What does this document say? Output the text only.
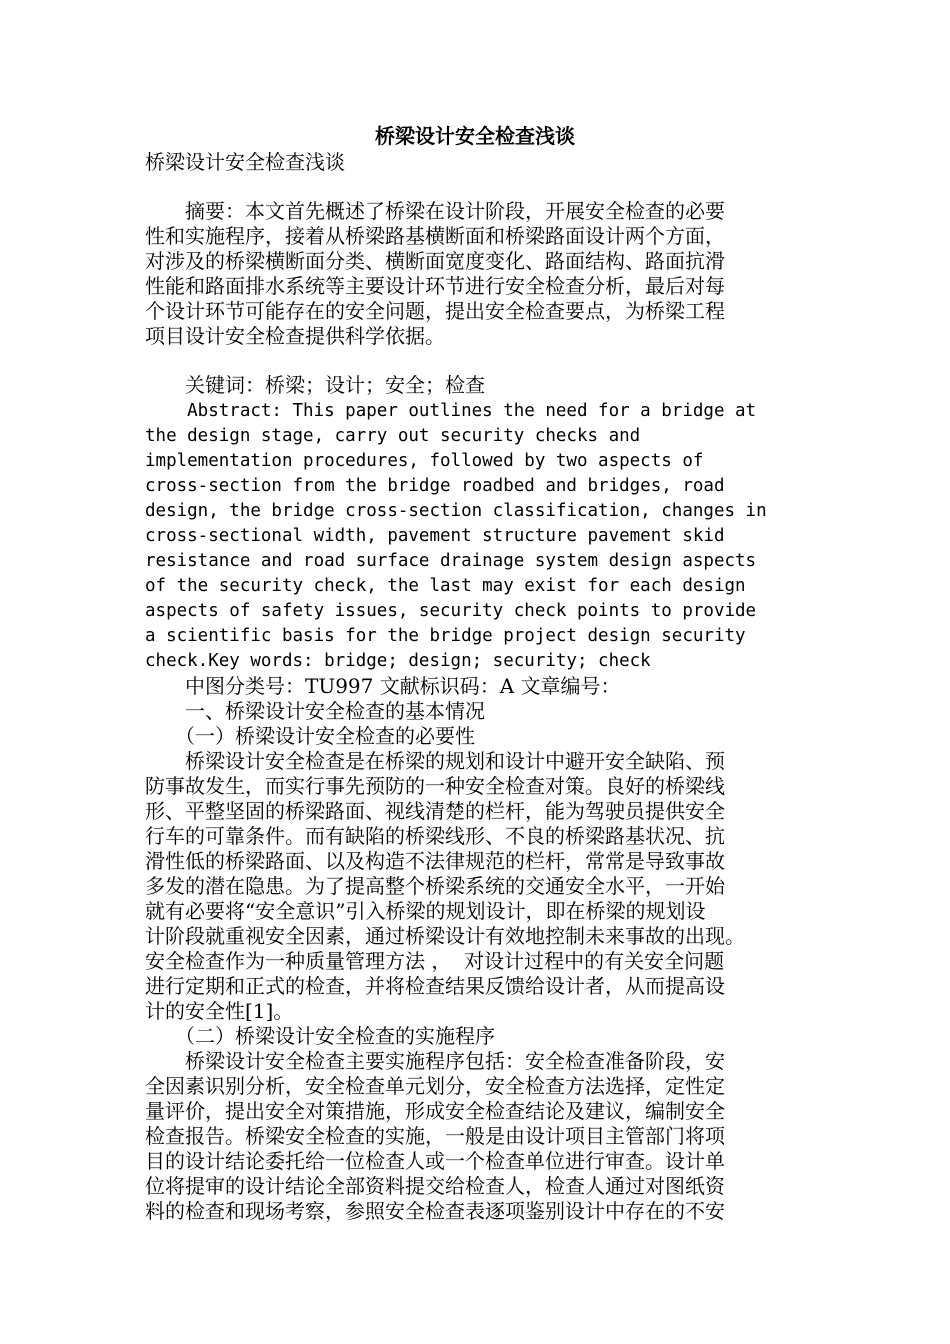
桥梁设计安全检查浅谈
桥梁设计安全检查浅谈
　　摘要：本文首先概述了桥梁在设计阶段，开展安全检查的必要
性和实施程序，接着从桥梁路基横断面和桥梁路面设计两个方面，
对涉及的桥梁横断面分类、横断面宽度变化、路面结构、路面抗滑
性能和路面排水系统等主要设计环节进行安全检查分析，最后对每
个设计环节可能存在的安全问题，提出安全检查要点，为桥梁工程
项目设计安全检查提供科学依据。
　　关键词：桥梁；设计；安全；检查
Abstract: This paper outlines the need for a bridge at
the design stage, carry out security checks and
implementation procedures, followed by two aspects of
cross-section from the bridge roadbed and bridges, road
design, the bridge cross-section classification, changes in
cross-sectional width, pavement structure pavement skid
resistance and road surface drainage system design aspects
of the security check, the last may exist for each design
aspects of safety issues, security check points to provide
a scientific basis for the bridge project design security
check.Key words: bridge; design; security; check
　　中图分类号：TU997 文献标识码：A 文章编号：
　　一、桥梁设计安全检查的基本情况
　　（一）桥梁设计安全检查的必要性
　　桥梁设计安全检查是在桥梁的规划和设计中避开安全缺陷、预
防事故发生，而实行事先预防的一种安全检查对策。良好的桥梁线
形、平整坚固的桥梁路面、视线清楚的栏杆，能为驾驶员提供安全
行车的可靠条件。而有缺陷的桥梁线形、不良的桥梁路基状况、抗
滑性低的桥梁路面、以及构造不法律规范的栏杆，常常是导致事故
多发的潜在隐患。为了提高整个桥梁系统的交通安全水平，一开始
就有必要将“安全意识”引入桥梁的规划设计，即在桥梁的规划设
计阶段就重视安全因素，通过桥梁设计有效地控制未来事故的出现。
安全检查作为一种质量管理方法 ，  对设计过程中的有关安全问题
进行定期和正式的检查，并将检查结果反馈给设计者，从而提高设
计的安全性[1]。
　　（二）桥梁设计安全检查的实施程序
　　桥梁设计安全检查主要实施程序包括：安全检查准备阶段，安
全因素识别分析，安全检查单元划分，安全检查方法选择，定性定
量评价，提出安全对策措施，形成安全检查结论及建议，编制安全
检查报告。桥梁安全检查的实施，一般是由设计项目主管部门将项
目的设计结论委托给一位检查人或一个检查单位进行审查。设计单
位将提审的设计结论全部资料提交给检查人，检查人通过对图纸资
料的检查和现场考察，参照安全检查表逐项鉴别设计中存在的不安
